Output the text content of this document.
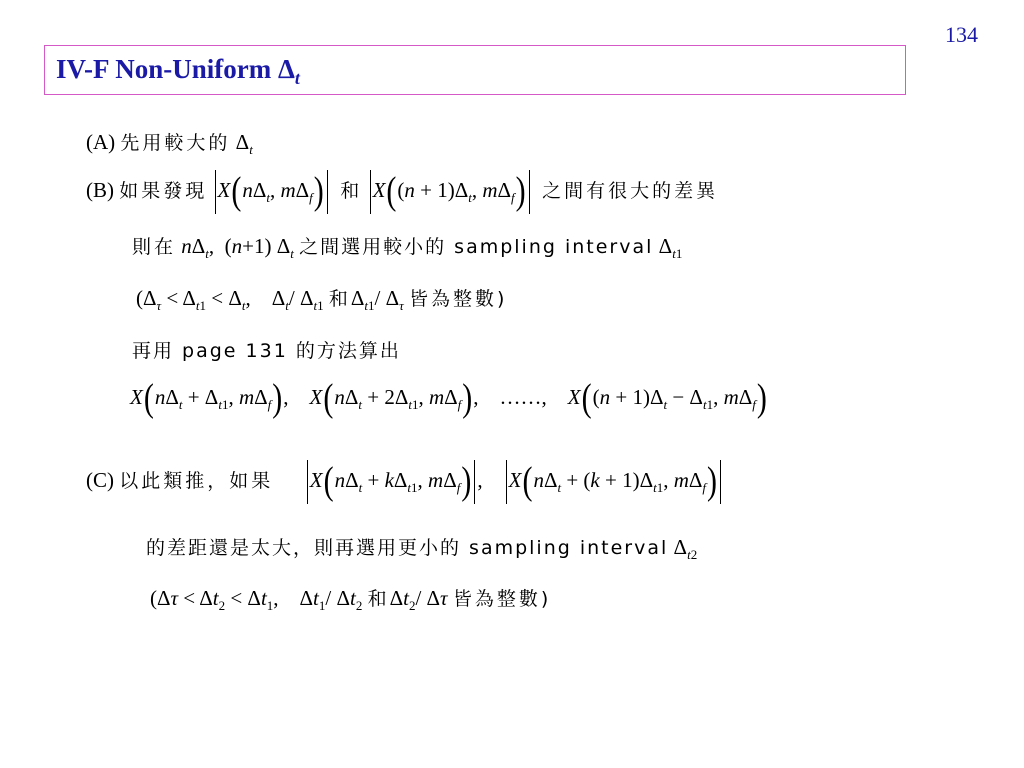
134
IV-F Non-Uniform $\Delta_t$
(A) 先用較大的 $\Delta_t$
(B) 如果發現 $X(n\Delta_t$, $m\Delta_f$) 和 $X((n + 1)\Delta_t$, $m\Delta_f$) 之間有很大的差異
則在 $n\Delta_t$,  (n+1) $\Delta_t$ 之間選用較小的 sampling interval $\Delta_{t1}$
($\Delta_\tau < \Delta_{t1} < \Delta_t$,    $\Delta_t/$ $\Delta_{t1}$ 和$\Delta_{t1}/$ $\Delta_\tau$ 皆為整數)
再用 page 131 的方法算出
$X(n\Delta_t + \Delta_{t1}$, $m\Delta_f$),    $X(n\Delta_t + 2\Delta_{t1}$, $m\Delta_f$),    ……,    $X((n + 1)\Delta_t - \Delta_{t1}$, $m\Delta_f$)
(C) 以此類推，如果 $X(n\Delta_t + k\Delta_{t1}$, $m\Delta_f$) , $X(n\Delta_t + (k + 1)\Delta_{t1}$, $m\Delta_f$)
的差距還是太大，則再選用更小的 sampling interval $\Delta_{t2}$
($\Delta\tau < \Delta t_2 < \Delta t_1$,    $\Delta t_1/$ $\Delta t_2$ 和$\Delta t_2/$ Δτ 皆為整數)
